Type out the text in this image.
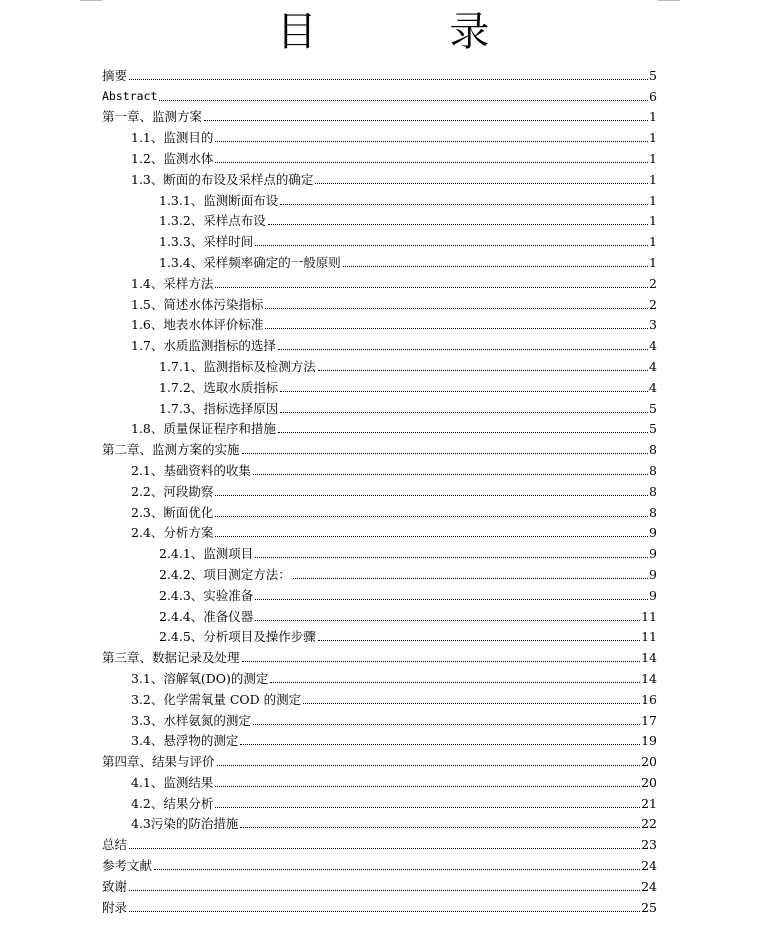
目 录
摘要	5
Abstract	6
第一章、监测方案	1
1.1、监测目的	1
1.2、监测水体	1
1.3、断面的布设及采样点的确定	1
1.3.1、监测断面布设	1
1.3.2、采样点布设	1
1.3.3、采样时间	1
1.3.4、采样频率确定的一般原则	1
1.4、采样方法	2
1.5、简述水体污染指标	2
1.6、地表水体评价标准	3
1.7、水质监测指标的选择	4
1.7.1、监测指标及检测方法	4
1.7.2、选取水质指标	4
1.7.3、指标选择原因	5
1.8、质量保证程序和措施	5
第二章、监测方案的实施	8
2.1、基础资料的收集	8
2.2、河段勘察	8
2.3、断面优化	8
2.4、分析方案	9
2.4.1、监测项目	9
2.4.2、项目测定方法：	9
2.4.3、实验准备	9
2.4.4、准备仪器	11
2.4.5、分析项目及操作步骤	11
第三章、数据记录及处理	14
3.1、溶解氧(DO)的测定	14
3.2、化学需氧量 COD 的测定	16
3.3、水样氨氮的测定	17
3.4、悬浮物的测定	19
第四章、结果与评价	20
4.1、监测结果	20
4.2、结果分析	21
4.3污染的防治措施	22
总结	23
参考文献	24
致谢	24
附录	25
